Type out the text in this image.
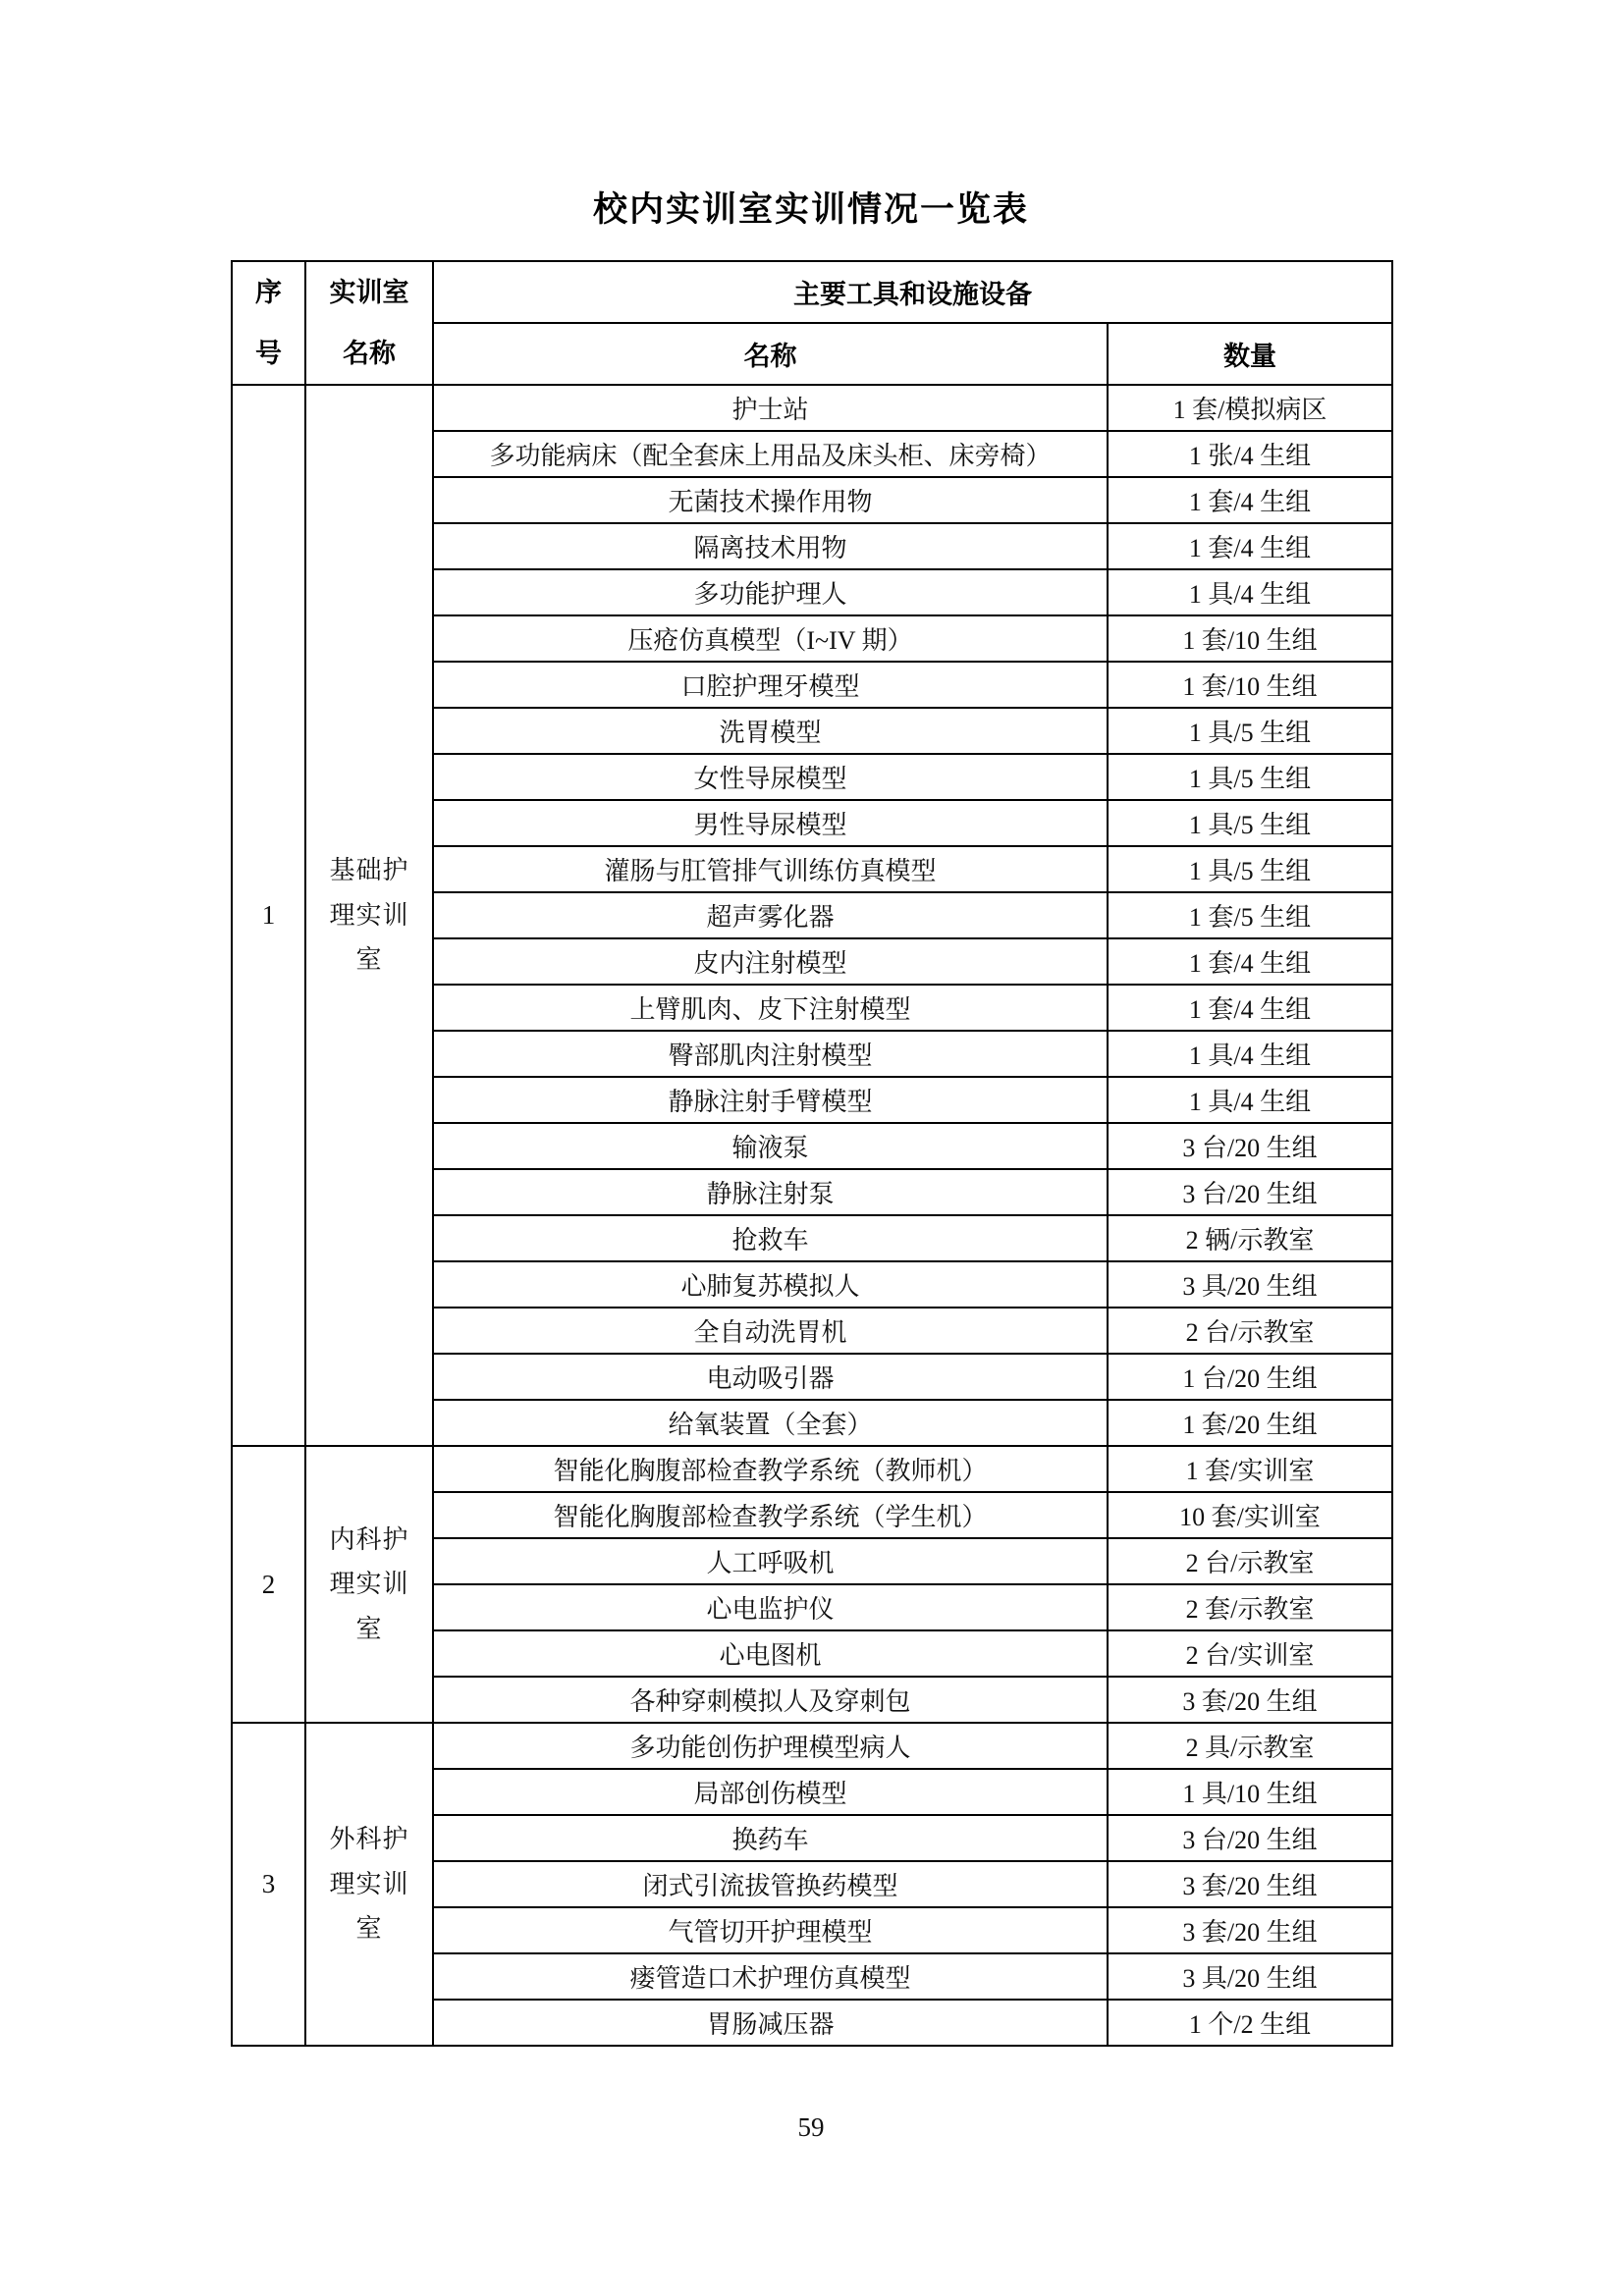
校内实训室实训情况一览表
序
号	实训室
名称	主要工具和设施设备	
		名称	数量
1	基础护
理实训
室	护士站	1 套/模拟病区
		多功能病床（配全套床上用品及床头柜、床旁椅）	1 张/4 生组
		无菌技术操作用物	1 套/4 生组
		隔离技术用物	1 套/4 生组
		多功能护理人	1 具/4 生组
		压疮仿真模型（I~IV 期）	1 套/10 生组
		口腔护理牙模型	1 套/10 生组
		洗胃模型	1 具/5 生组
		女性导尿模型	1 具/5 生组
		男性导尿模型	1 具/5 生组
		灌肠与肛管排气训练仿真模型	1 具/5 生组
		超声雾化器	1 套/5 生组
		皮内注射模型	1 套/4 生组
		上臂肌肉、皮下注射模型	1 套/4 生组
		臀部肌肉注射模型	1 具/4 生组
		静脉注射手臂模型	1 具/4 生组
		输液泵	3 台/20 生组
		静脉注射泵	3 台/20 生组
		抢救车	2 辆/示教室
		心肺复苏模拟人	3 具/20 生组
		全自动洗胃机	2 台/示教室
		电动吸引器	1 台/20 生组
		给氧装置（全套）	1 套/20 生组
2	内科护
理实训
室	智能化胸腹部检查教学系统（教师机）	1 套/实训室
		智能化胸腹部检查教学系统（学生机）	10 套/实训室
		人工呼吸机	2 台/示教室
		心电监护仪	2 套/示教室
		心电图机	2 台/实训室
		各种穿刺模拟人及穿刺包	3 套/20 生组
3	外科护
理实训
室	多功能创伤护理模型病人	2 具/示教室
		局部创伤模型	1 具/10 生组
		换药车	3 台/20 生组
		闭式引流拔管换药模型	3 套/20 生组
		气管切开护理模型	3 套/20 生组
		瘘管造口术护理仿真模型	3 具/20 生组
		胃肠减压器	1 个/2 生组
59
